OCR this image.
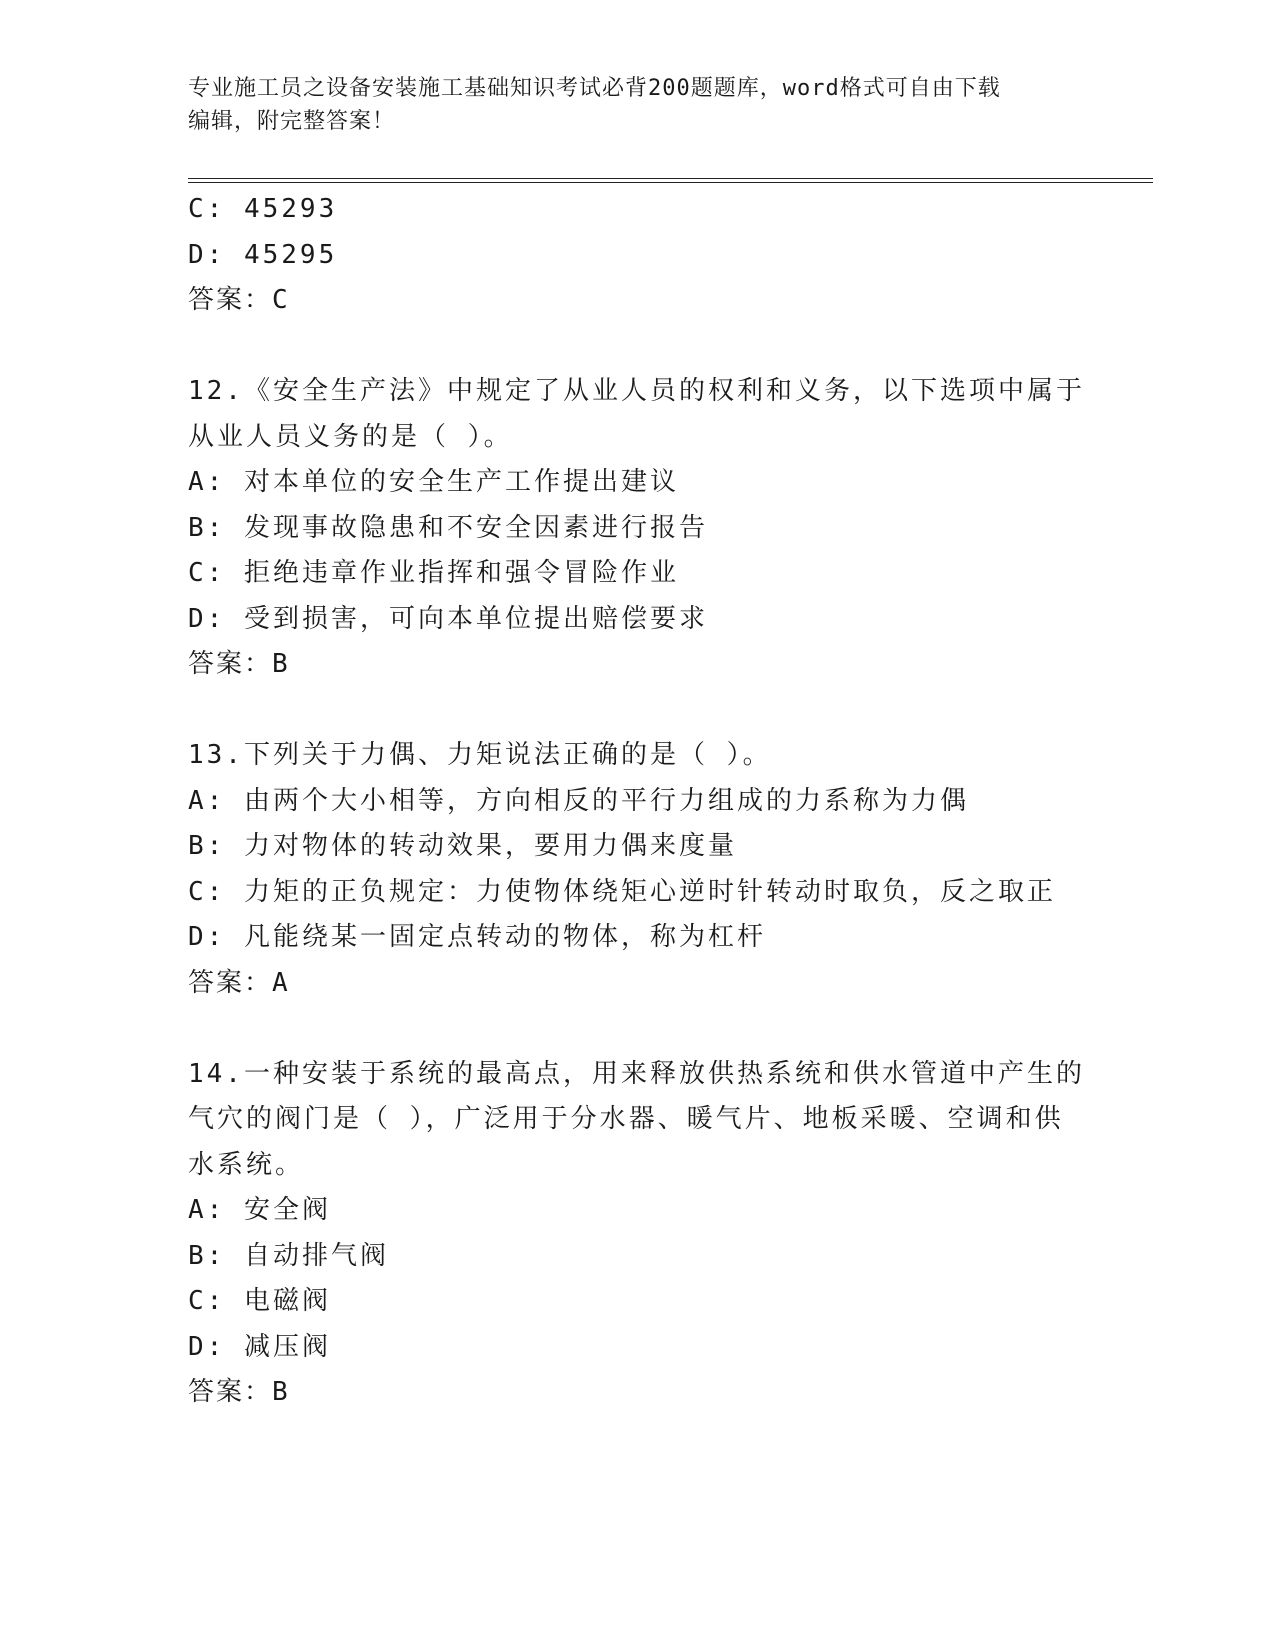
专业施工员之设备安装施工基础知识考试必背200题题库，word格式可自由下载
编辑，附完整答案！
C: 45293
D: 45295
答案：C
12.《安全生产法》中规定了从业人员的权利和义务，以下选项中属于
从业人员义务的是（ ）。
A: 对本单位的安全生产工作提出建议
B: 发现事故隐患和不安全因素进行报告
C: 拒绝违章作业指挥和强令冒险作业
D: 受到损害，可向本单位提出赔偿要求
答案：B
13.下列关于力偶、力矩说法正确的是（ ）。
A: 由两个大小相等，方向相反的平行力组成的力系称为力偶
B: 力对物体的转动效果，要用力偶来度量
C: 力矩的正负规定：力使物体绕矩心逆时针转动时取负，反之取正
D: 凡能绕某一固定点转动的物体，称为杠杆
答案：A
14.一种安装于系统的最高点，用来释放供热系统和供水管道中产生的
气穴的阀门是（ ），广泛用于分水器、暖气片、地板采暖、空调和供
水系统。
A: 安全阀
B: 自动排气阀
C: 电磁阀
D: 减压阀
答案：B
